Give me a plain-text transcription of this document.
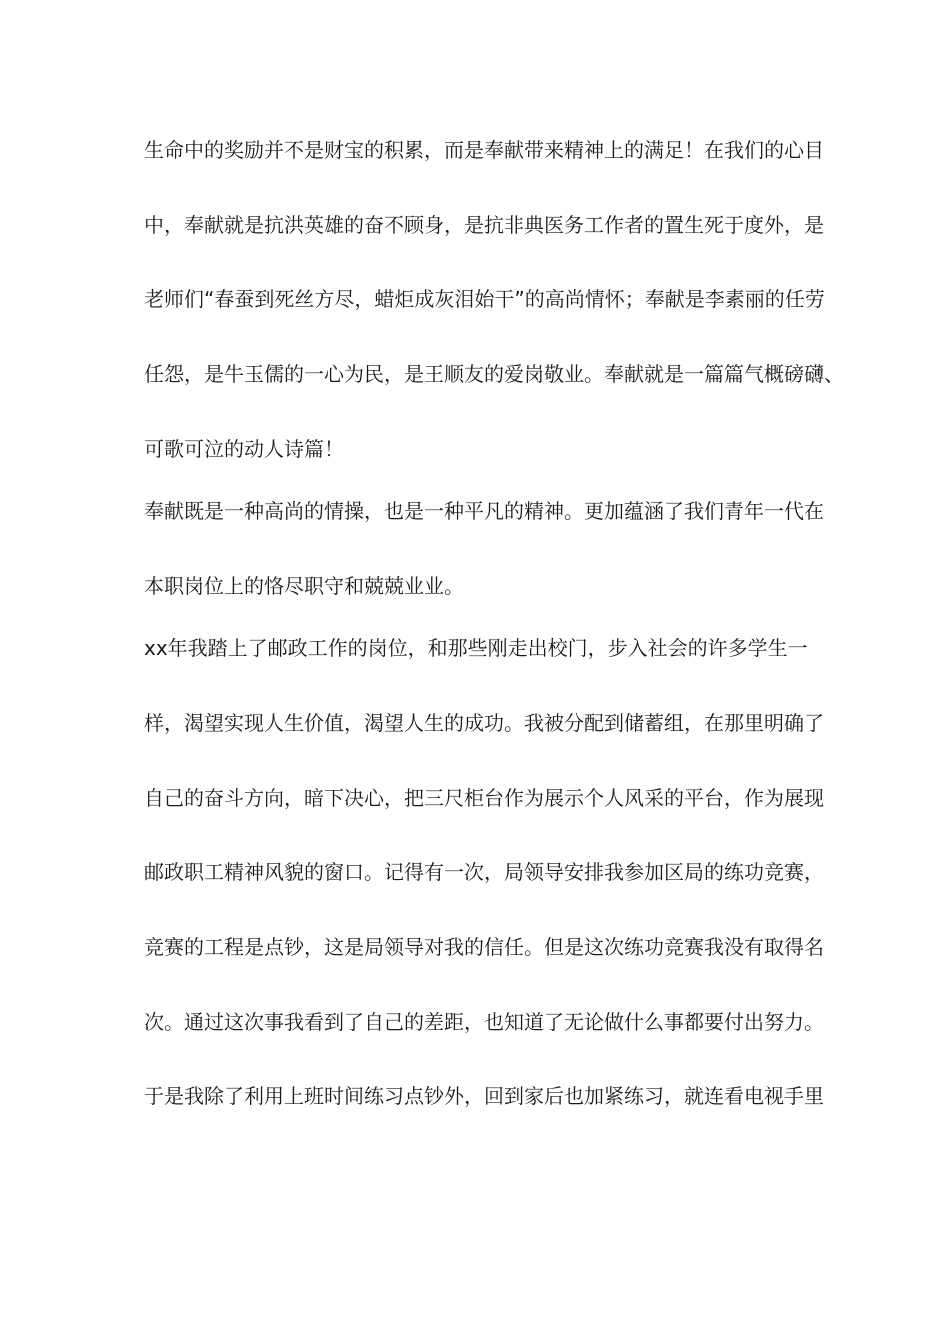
生命中的奖励并不是财宝的积累，而是奉献带来精神上的满足！在我们的心目
中，奉献就是抗洪英雄的奋不顾身，是抗非典医务工作者的置生死于度外，是
老师们“春蚕到死丝方尽，蜡炬成灰泪始干”的高尚情怀；奉献是李素丽的任劳
任怨，是牛玉儒的一心为民，是王顺友的爱岗敬业。奉献就是一篇篇气概磅礴、
可歌可泣的动人诗篇！
奉献既是一种高尚的情操，也是一种平凡的精神。更加蕴涵了我们青年一代在
本职岗位上的恪尽职守和兢兢业业。
xx年我踏上了邮政工作的岗位，和那些刚走出校门，步入社会的许多学生一
样，渴望实现人生价值，渴望人生的成功。我被分配到储蓄组，在那里明确了
自己的奋斗方向，暗下决心，把三尺柜台作为展示个人风采的平台，作为展现
邮政职工精神风貌的窗口。记得有一次，局领导安排我参加区局的练功竞赛，
竞赛的工程是点钞，这是局领导对我的信任。但是这次练功竞赛我没有取得名
次。通过这次事我看到了自己的差距，也知道了无论做什么事都要付出努力。
于是我除了利用上班时间练习点钞外，回到家后也加紧练习，就连看电视手里
